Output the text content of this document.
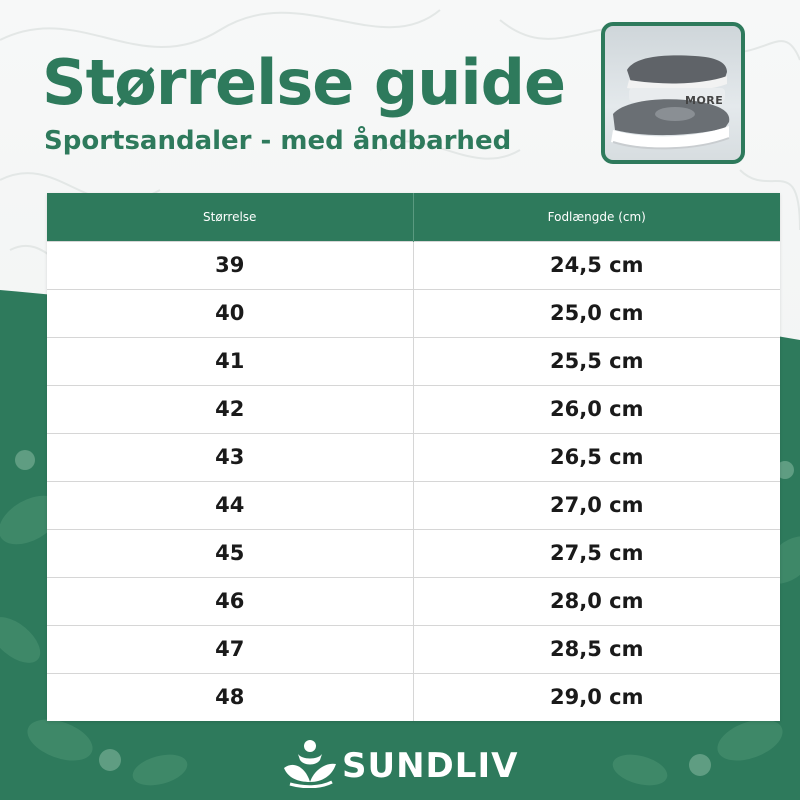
Størrelse guide
Sportsandaler - med åndbarhed
MORE
Størrelse	Fodlængde (cm)
39	24,5 cm
40	25,0 cm
41	25,5 cm
42	26,0 cm
43	26,5 cm
44	27,0 cm
45	27,5 cm
46	28,0 cm
47	28,5 cm
48	29,0 cm
SUNDLIV
